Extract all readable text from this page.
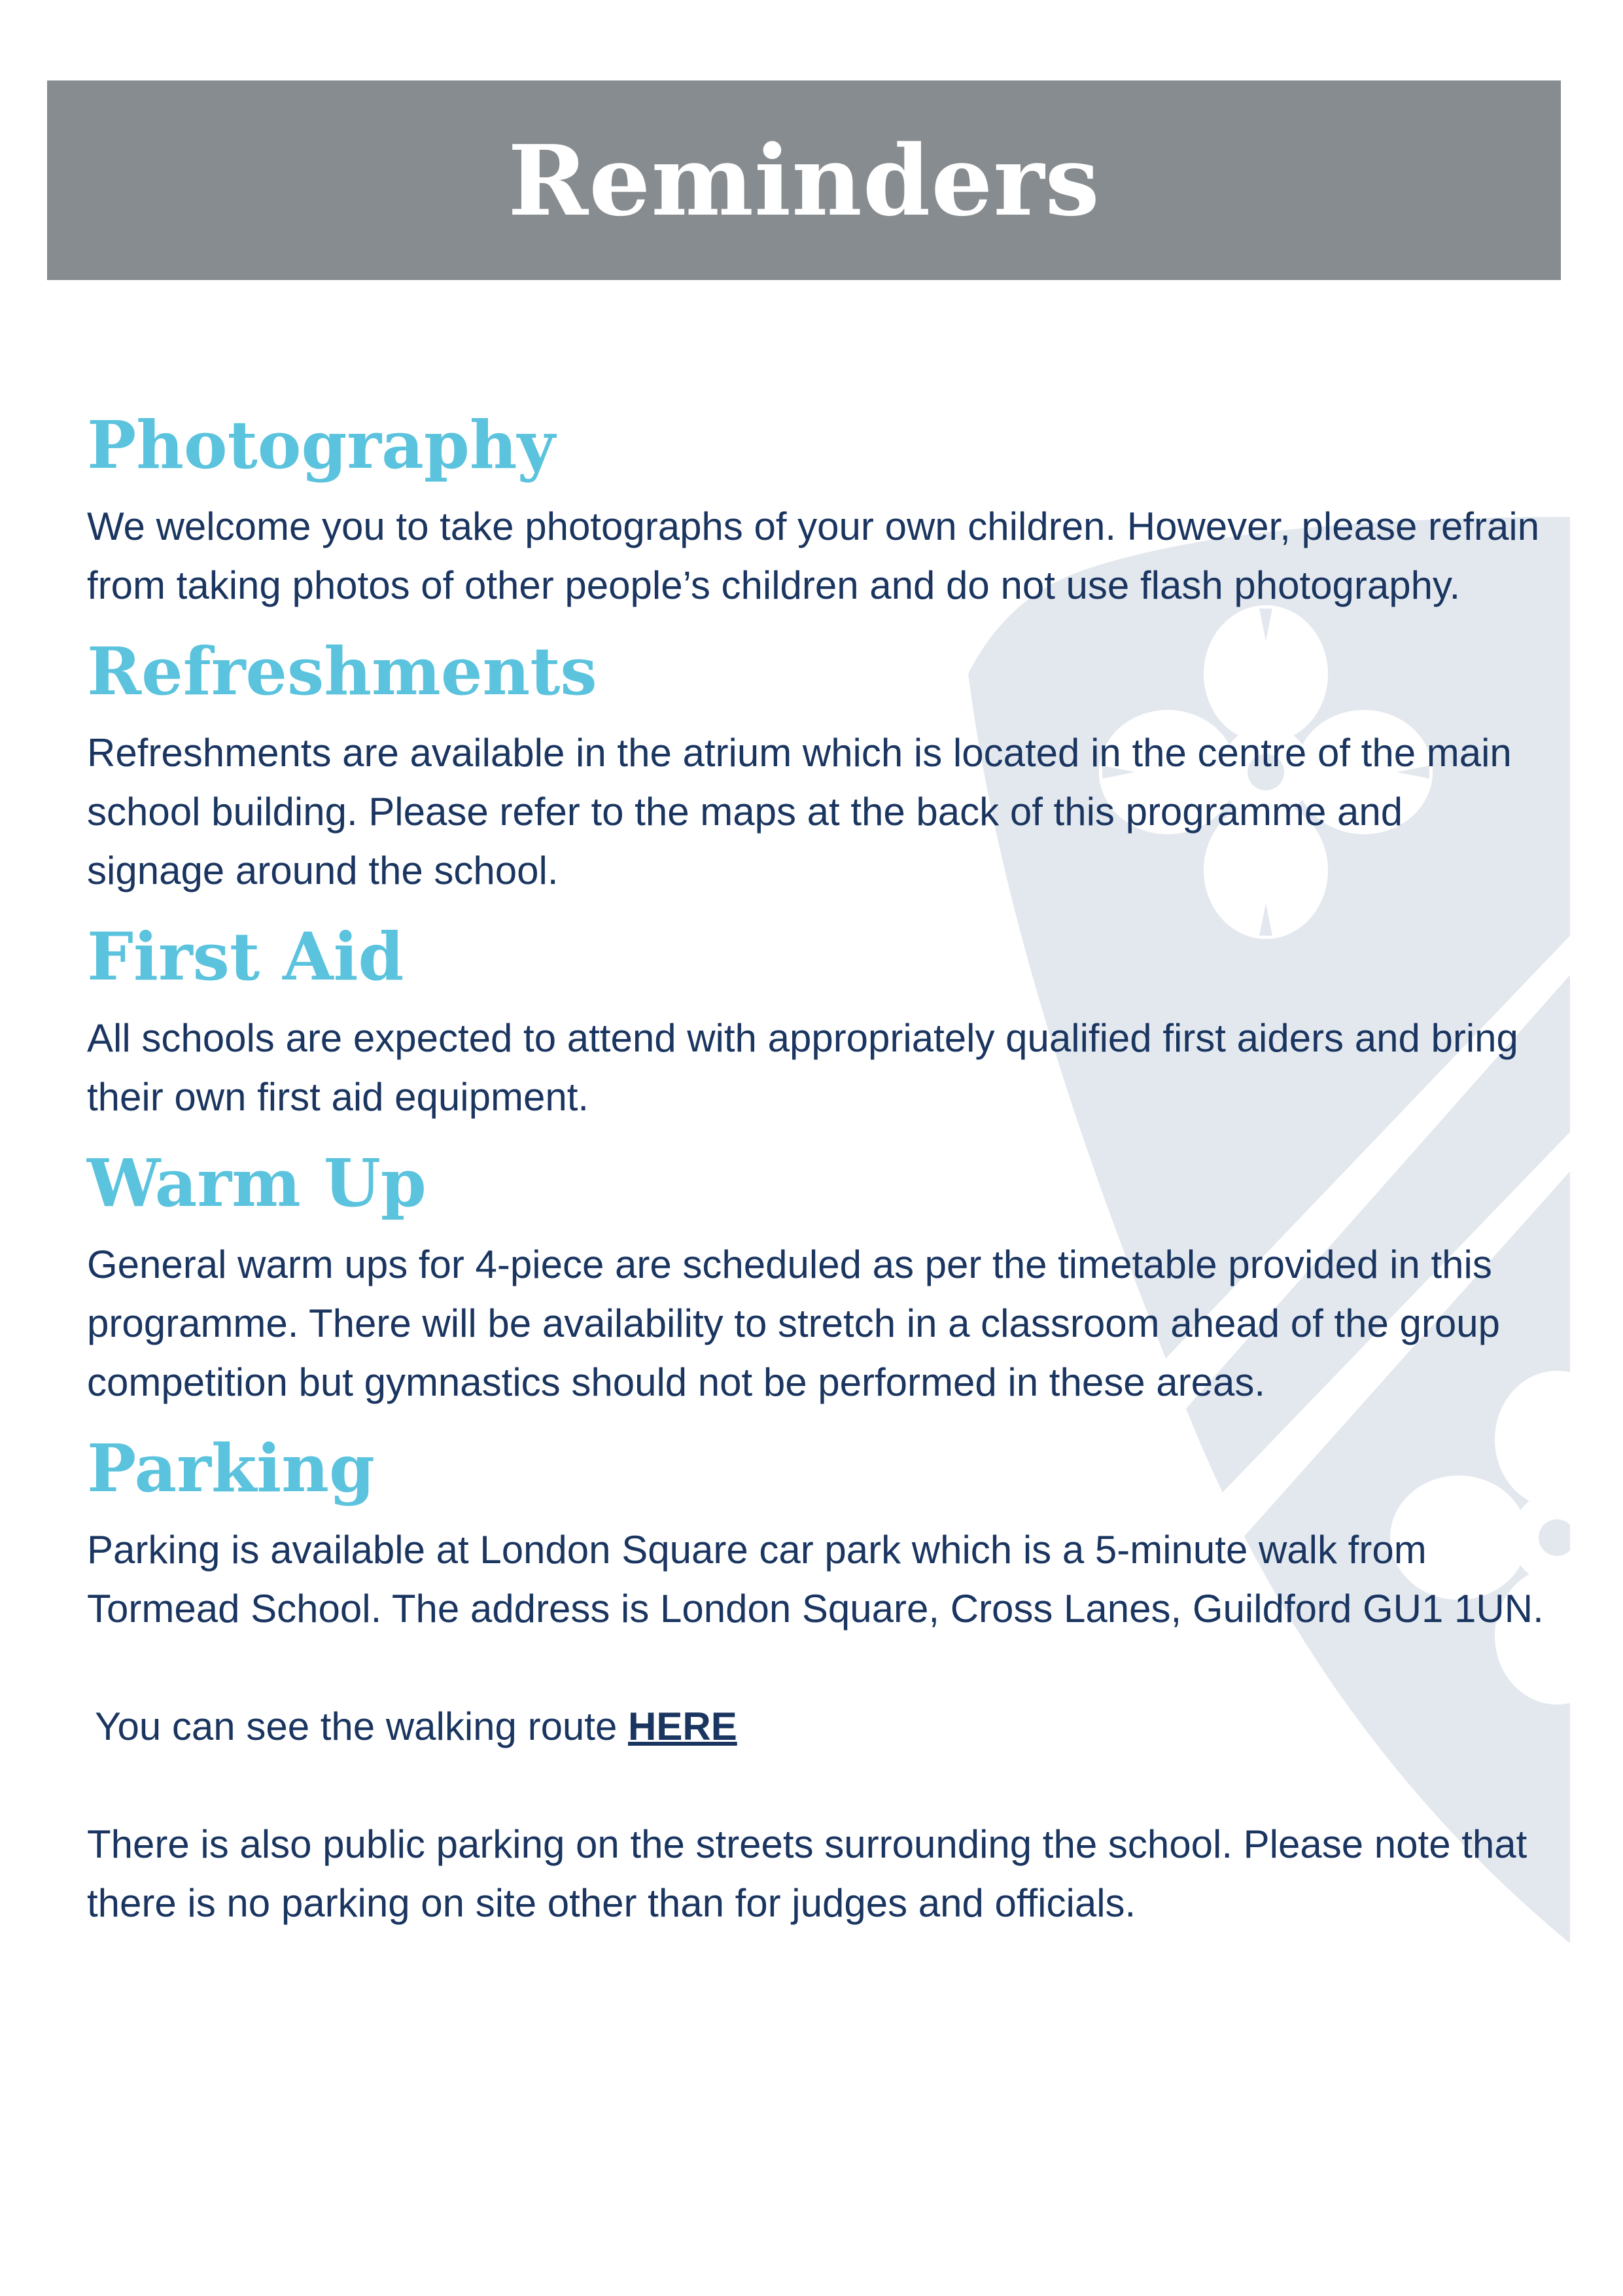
Reminders
Photography

We welcome you to take photographs of your own children. However, please refrain from taking photos of other people’s children and do not use flash photography.

Refreshments

Refreshments are available in the atrium which is located in the centre of the main school building. Please refer to the maps at the back of this programme and signage around the school.

First Aid

All schools are expected to attend with appropriately qualified first aiders and bring their own first aid equipment.

Warm Up

General warm ups for 4-piece are scheduled as per the timetable provided in this programme. There will be availability to stretch in a classroom ahead of the group competition but gymnastics should not be performed in these areas.

Parking

Parking is available at London Square car park which is a 5-minute walk from Tormead School. The address is London Square, Cross Lanes, Guildford GU1 1UN.

You can see the walking route HERE

There is also public parking on the streets surrounding the school. Please note that there is no parking on site other than for judges and officials.
